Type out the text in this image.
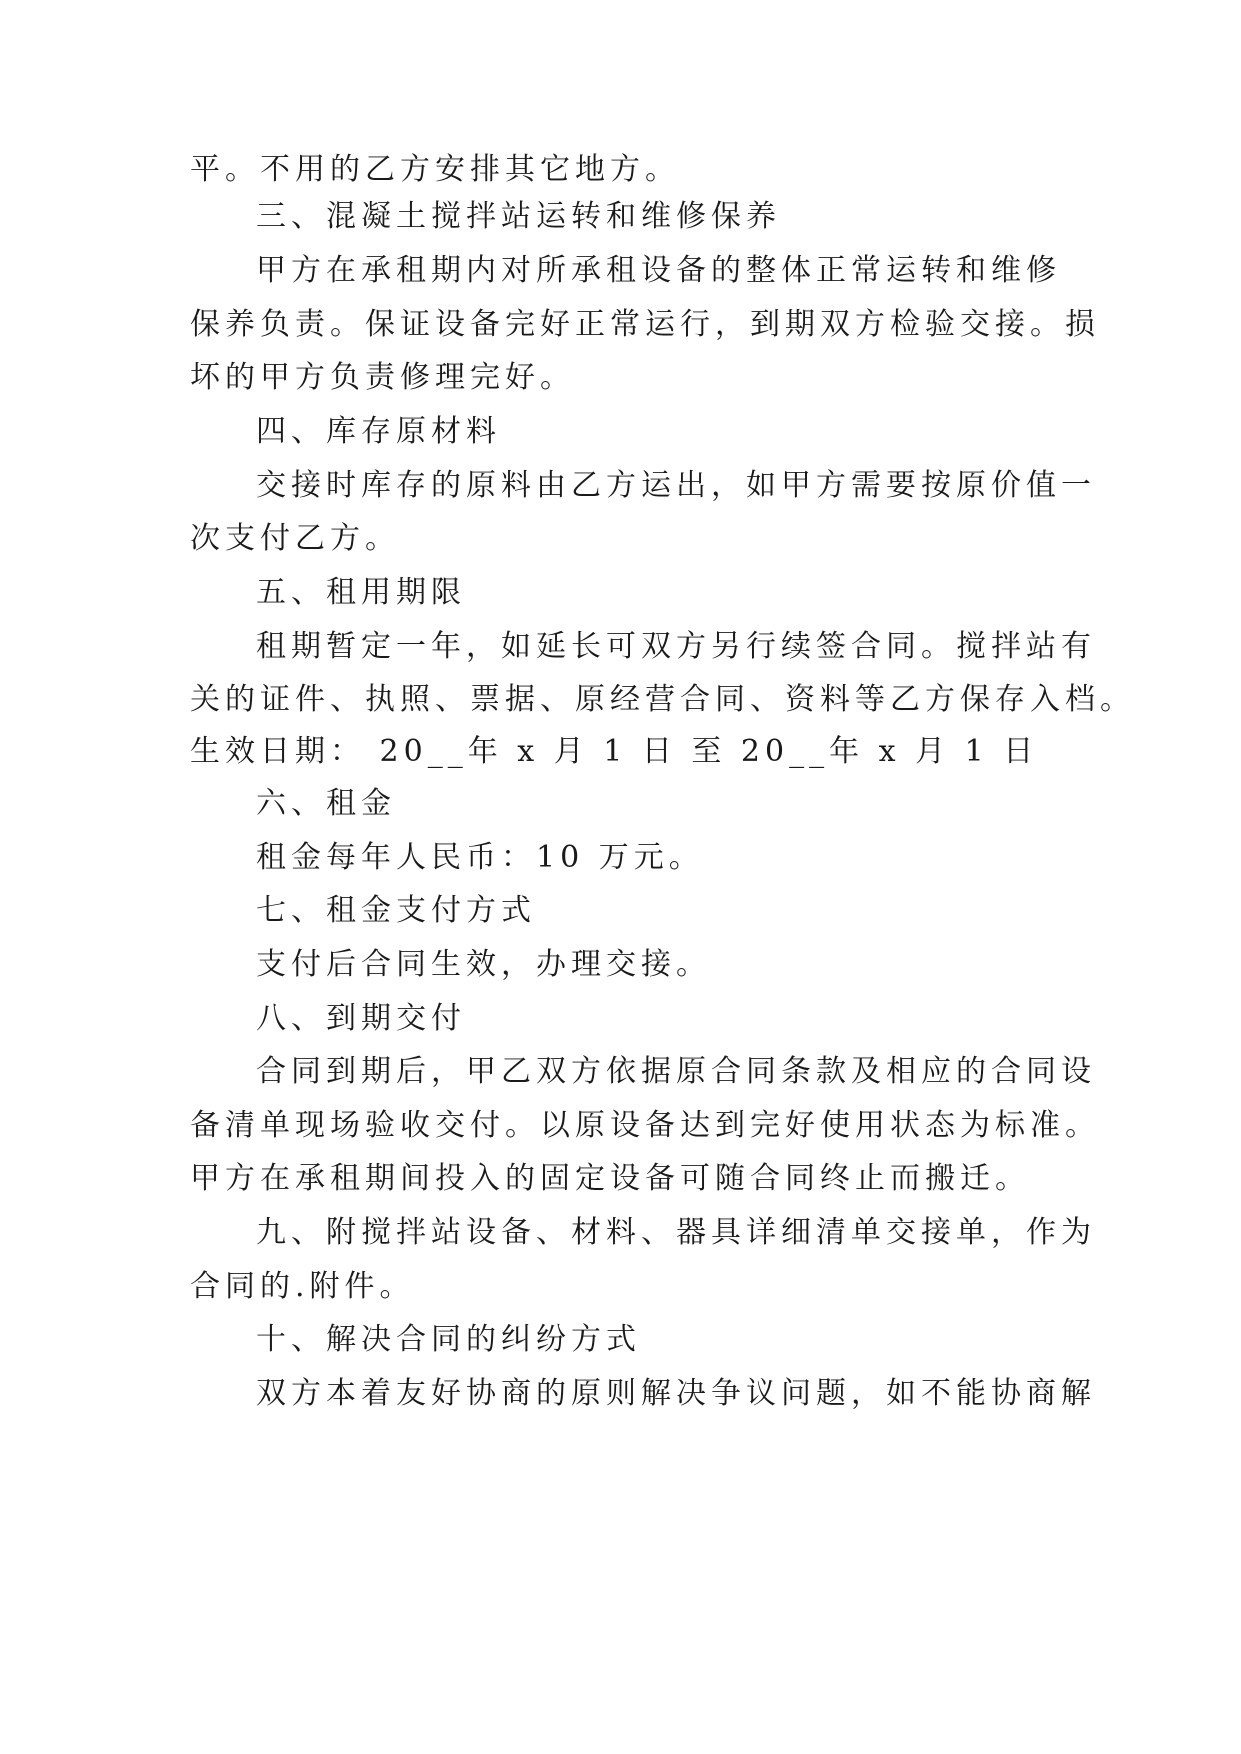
平。不用的乙方安排其它地方。
三、混凝土搅拌站运转和维修保养
甲方在承租期内对所承租设备的整体正常运转和维修
保养负责。保证设备完好正常运行，到期双方检验交接。损
坏的甲方负责修理完好。
四、库存原材料
交接时库存的原料由乙方运出，如甲方需要按原价值一
次支付乙方。
五、租用期限
租期暂定一年，如延长可双方另行续签合同。搅拌站有
关的证件、执照、票据、原经营合同、资料等乙方保存入档。
生效日期： 20__年 x 月 1 日 至 20__年 x 月 1 日
六、租金
租金每年人民币：10 万元。
七、租金支付方式
支付后合同生效，办理交接。
八、到期交付
合同到期后，甲乙双方依据原合同条款及相应的合同设
备清单现场验收交付。以原设备达到完好使用状态为标准。
甲方在承租期间投入的固定设备可随合同终止而搬迁。
九、附搅拌站设备、材料、器具详细清单交接单，作为
合同的.附件。
十、解决合同的纠纷方式
双方本着友好协商的原则解决争议问题，如不能协商解
